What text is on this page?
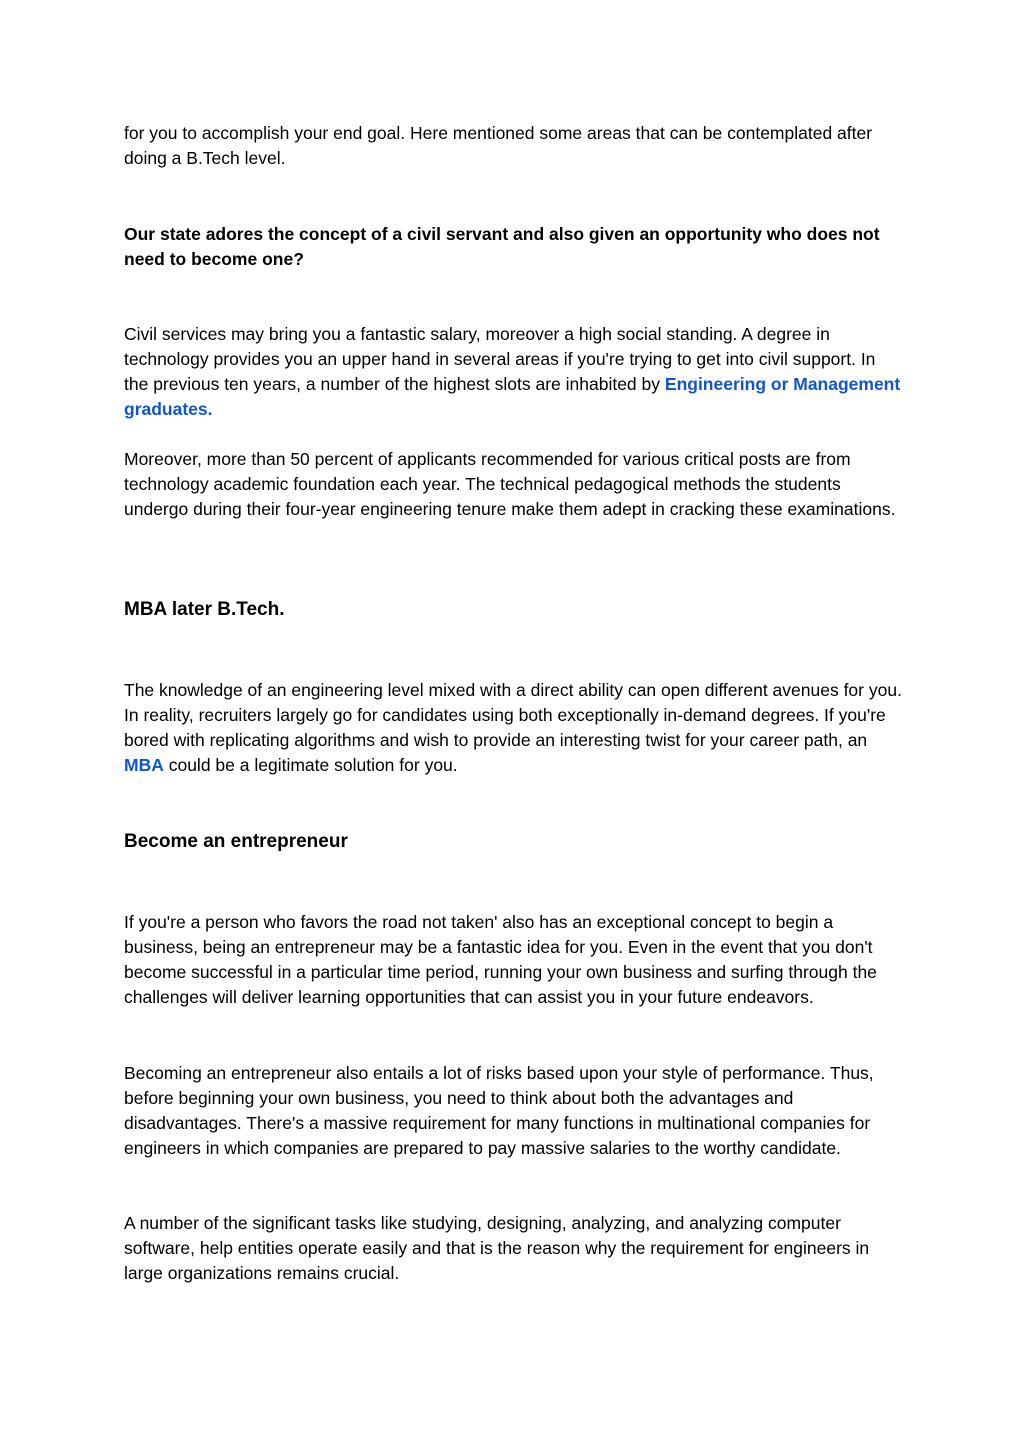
for you to accomplish your end goal. Here mentioned some areas that can be contemplated after doing a B.Tech level.

Our state adores the concept of a civil servant and also given an opportunity who does not need to become one?

Civil services may bring you a fantastic salary, moreover a high social standing. A degree in technology provides you an upper hand in several areas if you're trying to get into civil support. In the previous ten years, a number of the highest slots are inhabited by Engineering or Management graduates.

Moreover, more than 50 percent of applicants recommended for various critical posts are from technology academic foundation each year. The technical pedagogical methods the students undergo during their four-year engineering tenure make them adept in cracking these examinations.

MBA later B.Tech.

The knowledge of an engineering level mixed with a direct ability can open different avenues for you. In reality, recruiters largely go for candidates using both exceptionally in-demand degrees. If you're bored with replicating algorithms and wish to provide an interesting twist for your career path, an MBA could be a legitimate solution for you.

Become an entrepreneur

If you're a person who favors the road not taken' also has an exceptional concept to begin a business, being an entrepreneur may be a fantastic idea for you. Even in the event that you don't become successful in a particular time period, running your own business and surfing through the challenges will deliver learning opportunities that can assist you in your future endeavors.

Becoming an entrepreneur also entails a lot of risks based upon your style of performance. Thus, before beginning your own business, you need to think about both the advantages and disadvantages. There's a massive requirement for many functions in multinational companies for engineers in which companies are prepared to pay massive salaries to the worthy candidate.

A number of the significant tasks like studying, designing, analyzing, and analyzing computer software, help entities operate easily and that is the reason why the requirement for engineers in large organizations remains crucial.
